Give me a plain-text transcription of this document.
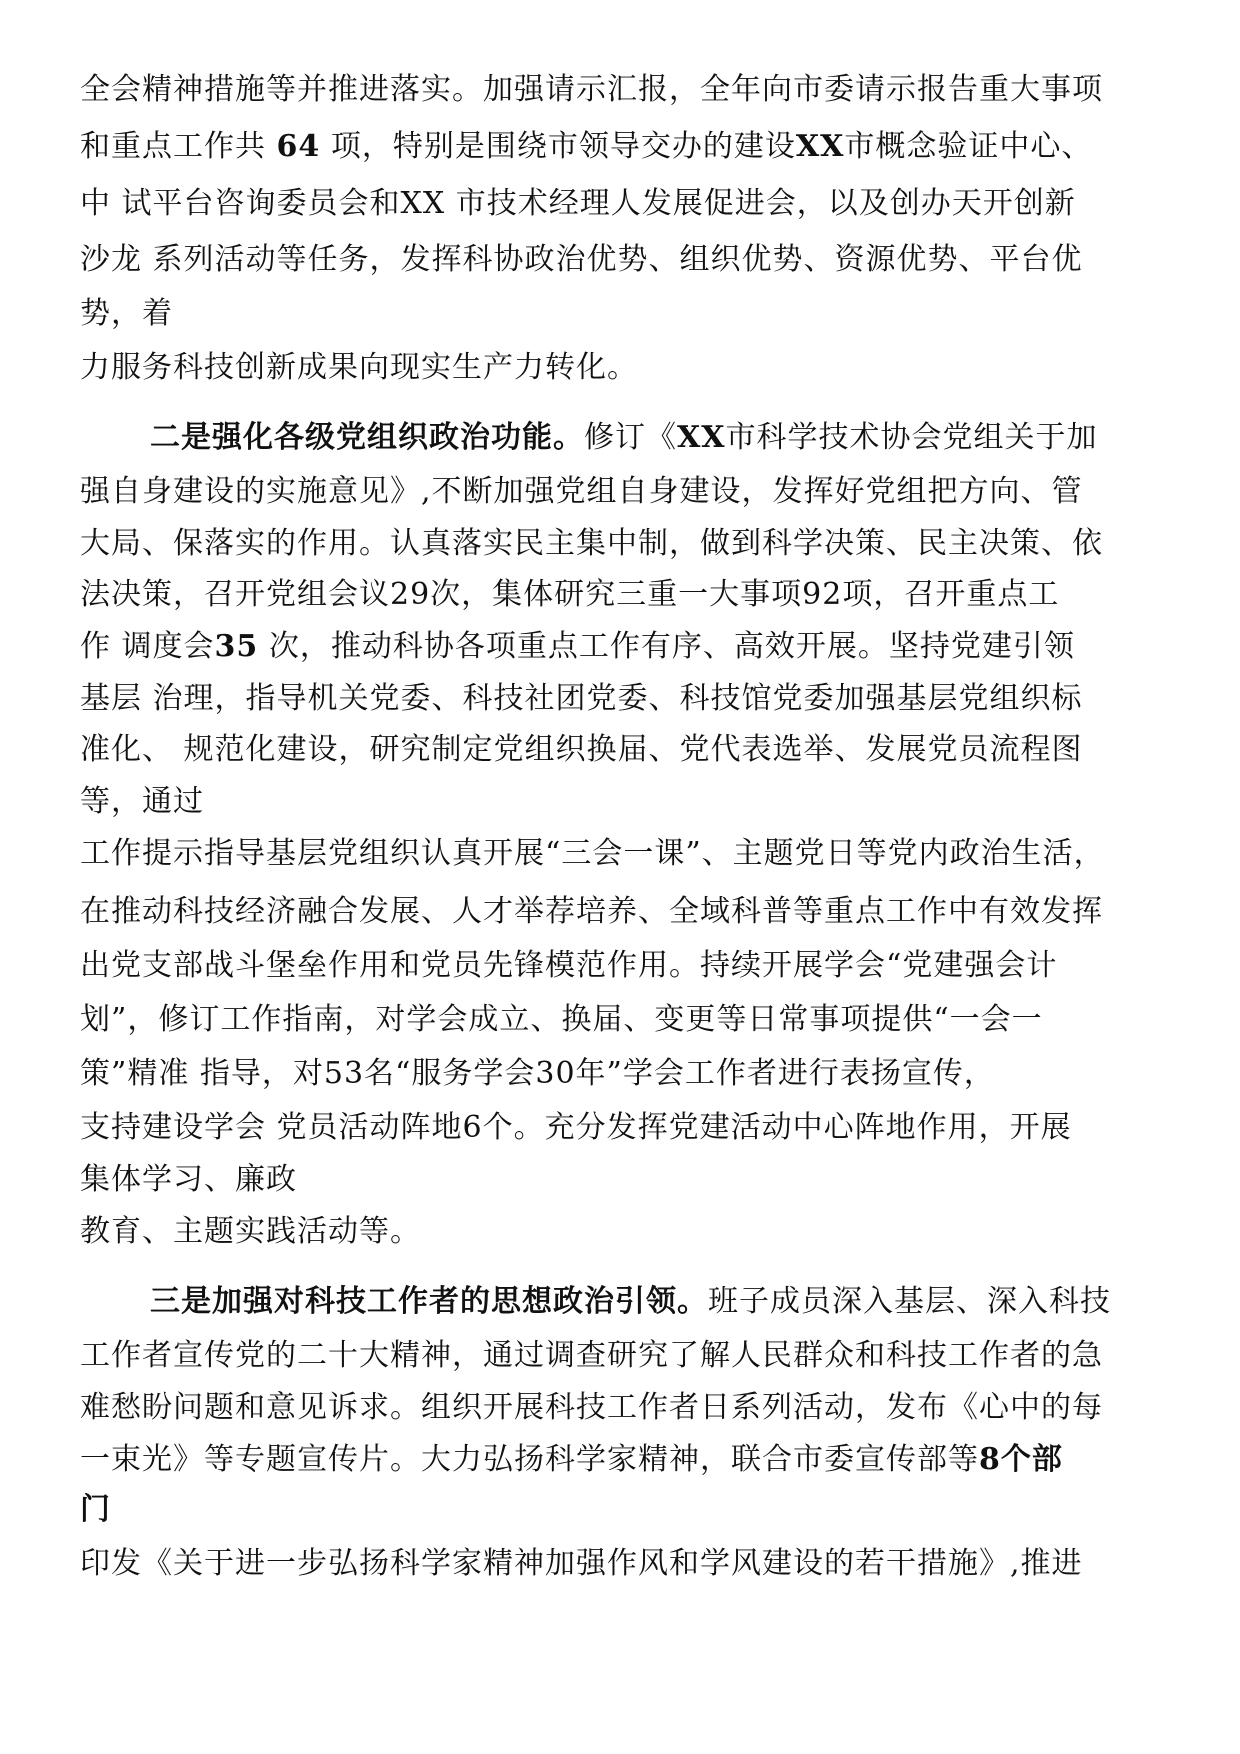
全会精神措施等并推进落实。加强请示汇报，全年向市委请示报告重大事项
和重点工作共 64 项，特别是围绕市领导交办的建设XX市概念验证中心、
中 试平台咨询委员会和XX 市技术经理人发展促进会，以及创办天开创新
沙龙 系列活动等任务，发挥科协政治优势、组织优势、资源优势、平台优
势，着
力服务科技创新成果向现实生产力转化。
二是强化各级党组织政治功能。修订《XX市科学技术协会党组关于加
强自身建设的实施意见》,不断加强党组自身建设，发挥好党组把方向、管
大局、保落实的作用。认真落实民主集中制，做到科学决策、民主决策、依
法决策，召开党组会议29次，集体研究三重一大事项92项，召开重点工
作 调度会35 次，推动科协各项重点工作有序、高效开展。坚持党建引领
基层 治理，指导机关党委、科技社团党委、科技馆党委加强基层党组织标
准化、 规范化建设，研究制定党组织换届、党代表选举、发展党员流程图
等，通过
工作提示指导基层党组织认真开展“三会一课”、主题党日等党内政治生活，
在推动科技经济融合发展、人才举荐培养、全域科普等重点工作中有效发挥
出党支部战斗堡垒作用和党员先锋模范作用。持续开展学会“党建强会计
划”，修订工作指南，对学会成立、换届、变更等日常事项提供“一会一
策”精准 指导，对53名“服务学会30年”学会工作者进行表扬宣传，
支持建设学会 党员活动阵地6个。充分发挥党建活动中心阵地作用，开展
集体学习、廉政
教育、主题实践活动等。
三是加强对科技工作者的思想政治引领。班子成员深入基层、深入科技
工作者宣传党的二十大精神，通过调查研究了解人民群众和科技工作者的急
难愁盼问题和意见诉求。组织开展科技工作者日系列活动，发布《心中的每
一束光》等专题宣传片。大力弘扬科学家精神，联合市委宣传部等8个部
门
印发《关于进一步弘扬科学家精神加强作风和学风建设的若干措施》,推进
